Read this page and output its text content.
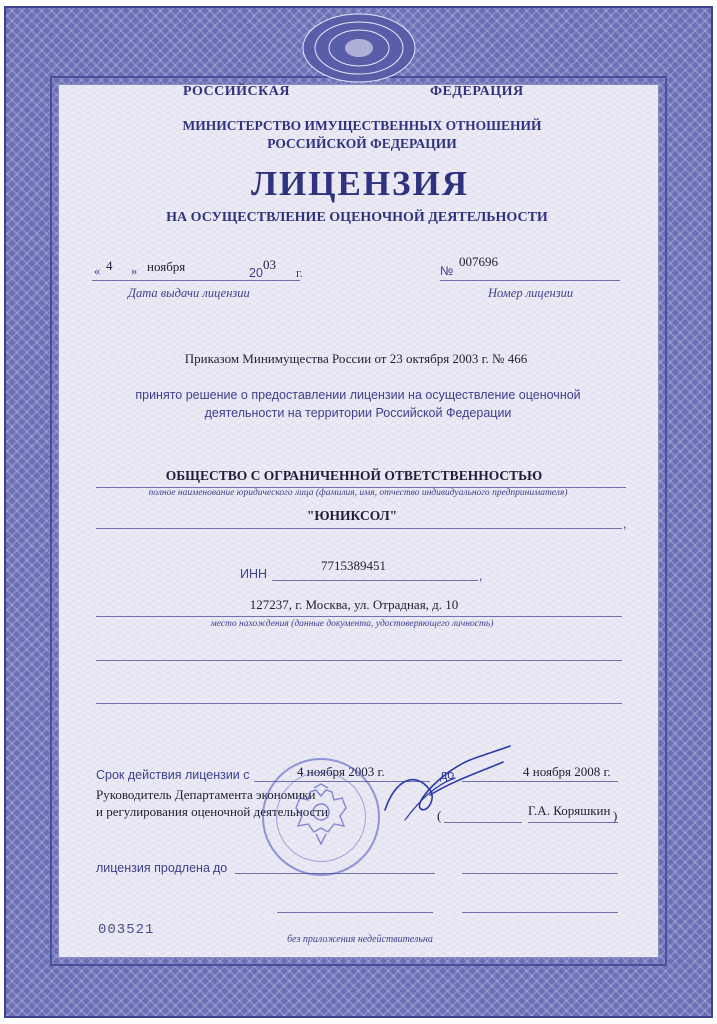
РОССИЙСКАЯ	ФЕДЕРАЦИЯ
МИНИСТЕРСТВО ИМУЩЕСТВЕННЫХ ОТНОШЕНИЙ
РОССИЙСКОЙ ФЕДЕРАЦИИ
ЛИЦЕНЗИЯ
НА ОСУЩЕСТВЛЕНИЕ ОЦЕНОЧНОЙ ДЕЯТЕЛЬНОСТИ
« 4 » ноября	20
03
г.
Дата выдачи лицензии
№
007696
Номер лицензии
Приказом Минимущества России от 23 октября 2003 г. № 466
принято решение о предоставлении лицензии на осуществление оценочной
деятельности на территории Российской Федерации
ОБЩЕСТВО С ОГРАНИЧЕННОЙ ОТВЕТСТВЕННОСТЬЮ
полное наименование юридического лица (фамилия, имя, отчество индивидуального предпринимателя)
"ЮНИКСОЛ"
,
ИНН
7715389451
,
127237, г. Москва, ул. Отрадная, д. 10
место нахождения (данные документа, удостоверяющего личность)
Срок действия лицензии с	4 ноября 2003 г.	до	4 ноября 2008 г.
Руководитель Департамента экономики
и регулирования оценочной деятельности	(	Г.А. Коряшкин )
лицензия продлена до
003521
без приложения недействительна
